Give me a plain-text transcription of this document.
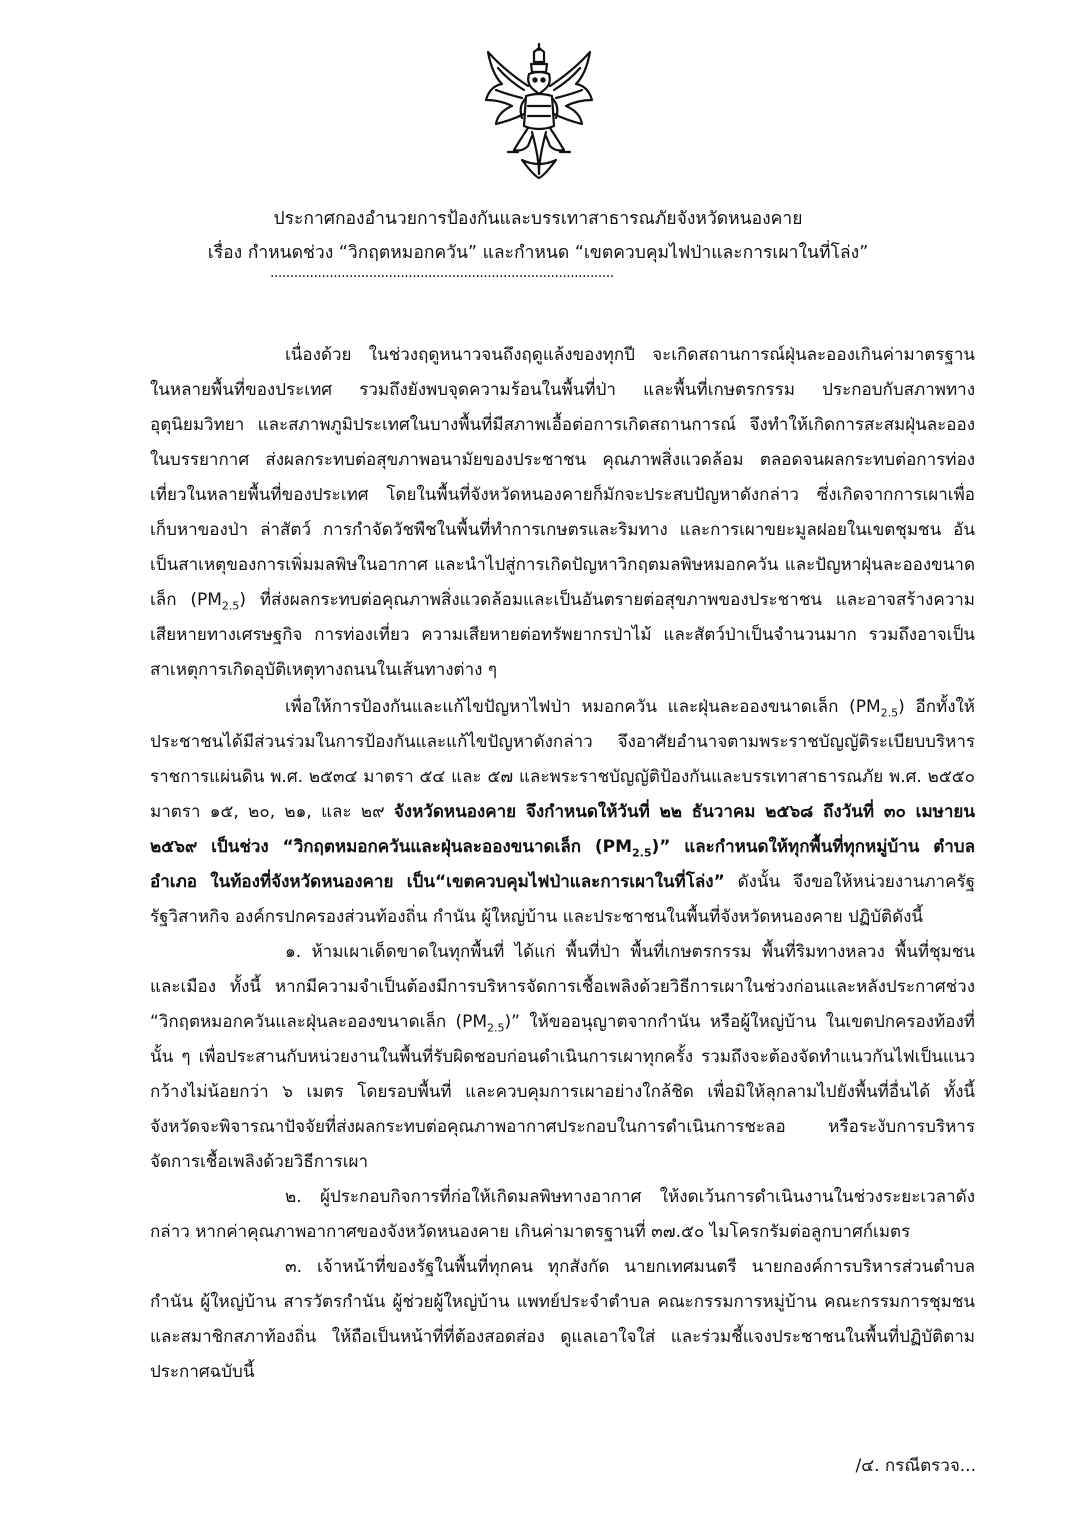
ประกาศกองอำนวยการป้องกันและบรรเทาสาธารณภัยจังหวัดหนองคาย
เรื่อง กำหนดช่วง “วิกฤตหมอกควัน” และกำหนด “เขตควบคุมไฟป่าและการเผาในที่โล่ง”
.......................................................................................

เนื่องด้วย ในช่วงฤดูหนาวจนถึงฤดูแล้งของทุกปี จะเกิดสถานการณ์ฝุ่นละอองเกินค่ามาตรฐาน ในหลายพื้นที่ของประเทศ รวมถึงยังพบจุดความร้อนในพื้นที่ป่า และพื้นที่เกษตรกรรม ประกอบกับสภาพทางอุตุนิยมวิทยา และสภาพภูมิประเทศในบางพื้นที่มีสภาพเอื้อต่อการเกิดสถานการณ์ จึงทำให้เกิดการสะสมฝุ่นละอองในบรรยากาศ ส่งผลกระทบต่อสุขภาพอนามัยของประชาชน คุณภาพสิ่งแวดล้อม ตลอดจนผลกระทบต่อการท่องเที่ยวในหลายพื้นที่ของประเทศ โดยในพื้นที่จังหวัดหนองคายก็มักจะประสบปัญหาดังกล่าว ซึ่งเกิดจากการเผาเพื่อเก็บหาของป่า ล่าสัตว์ การกำจัดวัชพืชในพื้นที่ทำการเกษตรและริมทาง และการเผาขยะมูลฝอยในเขตชุมชน อันเป็นสาเหตุของการเพิ่มมลพิษในอากาศ และนำไปสู่การเกิดปัญหาวิกฤตมลพิษหมอกควัน และปัญหาฝุ่นละอองขนาดเล็ก $(PM_{2.5})$ ที่ส่งผลกระทบต่อคุณภาพสิ่งแวดล้อมและเป็นอันตรายต่อสุขภาพของประชาชน และอาจสร้างความเสียหายทางเศรษฐกิจ การท่องเที่ยว ความเสียหายต่อทรัพยากรป่าไม้ และสัตว์ป่าเป็นจำนวนมาก รวมถึงอาจเป็นสาเหตุการเกิดอุบัติเหตุทางถนนในเส้นทางต่าง ๆ

เพื่อให้การป้องกันและแก้ไขปัญหาไฟป่า หมอกควัน และฝุ่นละอองขนาดเล็ก $(PM_{2.5})$ อีกทั้งให้ประชาชนได้มีส่วนร่วมในการป้องกันและแก้ไขปัญหาดังกล่าว จึงอาศัยอำนาจตามพระราชบัญญัติระเบียบบริหารราชการแผ่นดิน พ.ศ. ๒๕๓๔ มาตรา ๕๔ และ ๕๗ และพระราชบัญญัติป้องกันและบรรเทาสาธารณภัย พ.ศ. ๒๕๕๐ มาตรา ๑๕, ๒๐, ๒๑, และ ๒๙ จังหวัดหนองคาย จึงกำหนดให้วันที่ ๒๒ ธันวาคม ๒๕๖๘ ถึงวันที่ ๓๐ เมษายน ๒๕๖๙ เป็นช่วง “วิกฤตหมอกควันและฝุ่นละอองขนาดเล็ก $(PM_{2.5})$” และกำหนดให้ทุกพื้นที่ทุกหมู่บ้าน ตำบล อำเภอ ในท้องที่จังหวัดหนองคาย เป็น“เขตควบคุมไฟป่าและการเผาในที่โล่ง” ดังนั้น จึงขอให้หน่วยงานภาครัฐ รัฐวิสาหกิจ องค์กรปกครองส่วนท้องถิ่น กำนัน ผู้ใหญ่บ้าน และประชาชนในพื้นที่จังหวัดหนองคาย ปฏิบัติดังนี้

๑. ห้ามเผาเด็ดขาดในทุกพื้นที่ ได้แก่ พื้นที่ป่า พื้นที่เกษตรกรรม พื้นที่ริมทางหลวง พื้นที่ชุมชนและเมือง ทั้งนี้ หากมีความจำเป็นต้องมีการบริหารจัดการเชื้อเพลิงด้วยวิธีการเผาในช่วงก่อนและหลังประกาศช่วง “วิกฤตหมอกควันและฝุ่นละอองขนาดเล็ก $(PM_{2.5})$” ให้ขออนุญาตจากกำนัน หรือผู้ใหญ่บ้าน ในเขตปกครองท้องที่นั้น ๆ เพื่อประสานกับหน่วยงานในพื้นที่รับผิดชอบก่อนดำเนินการเผาทุกครั้ง รวมถึงจะต้องจัดทำแนวกันไฟเป็นแนวกว้างไม่น้อยกว่า ๖ เมตร โดยรอบพื้นที่ และควบคุมการเผาอย่างใกล้ชิด เพื่อมิให้ลุกลามไปยังพื้นที่อื่นได้ ทั้งนี้ จังหวัดจะพิจารณาปัจจัยที่ส่งผลกระทบต่อคุณภาพอากาศประกอบในการดำเนินการชะลอ หรือระงับการบริหารจัดการเชื้อเพลิงด้วยวิธีการเผา

๒. ผู้ประกอบกิจการที่ก่อให้เกิดมลพิษทางอากาศ ให้งดเว้นการดำเนินงานในช่วงระยะเวลาดังกล่าว หากค่าคุณภาพอากาศของจังหวัดหนองคาย เกินค่ามาตรฐานที่ ๓๗.๕๐ ไมโครกรัมต่อลูกบาศก์เมตร

๓. เจ้าหน้าที่ของรัฐในพื้นที่ทุกคน ทุกสังกัด นายกเทศมนตรี นายกองค์การบริหารส่วนตำบล กำนัน ผู้ใหญ่บ้าน สารวัตรกำนัน ผู้ช่วยผู้ใหญ่บ้าน แพทย์ประจำตำบล คณะกรรมการหมู่บ้าน คณะกรรมการชุมชน และสมาชิกสภาท้องถิ่น ให้ถือเป็นหน้าที่ที่ต้องสอดส่อง ดูแลเอาใจใส่ และร่วมชี้แจงประชาชนในพื้นที่ปฏิบัติตามประกาศฉบับนี้

/๔. กรณีตรวจ...
